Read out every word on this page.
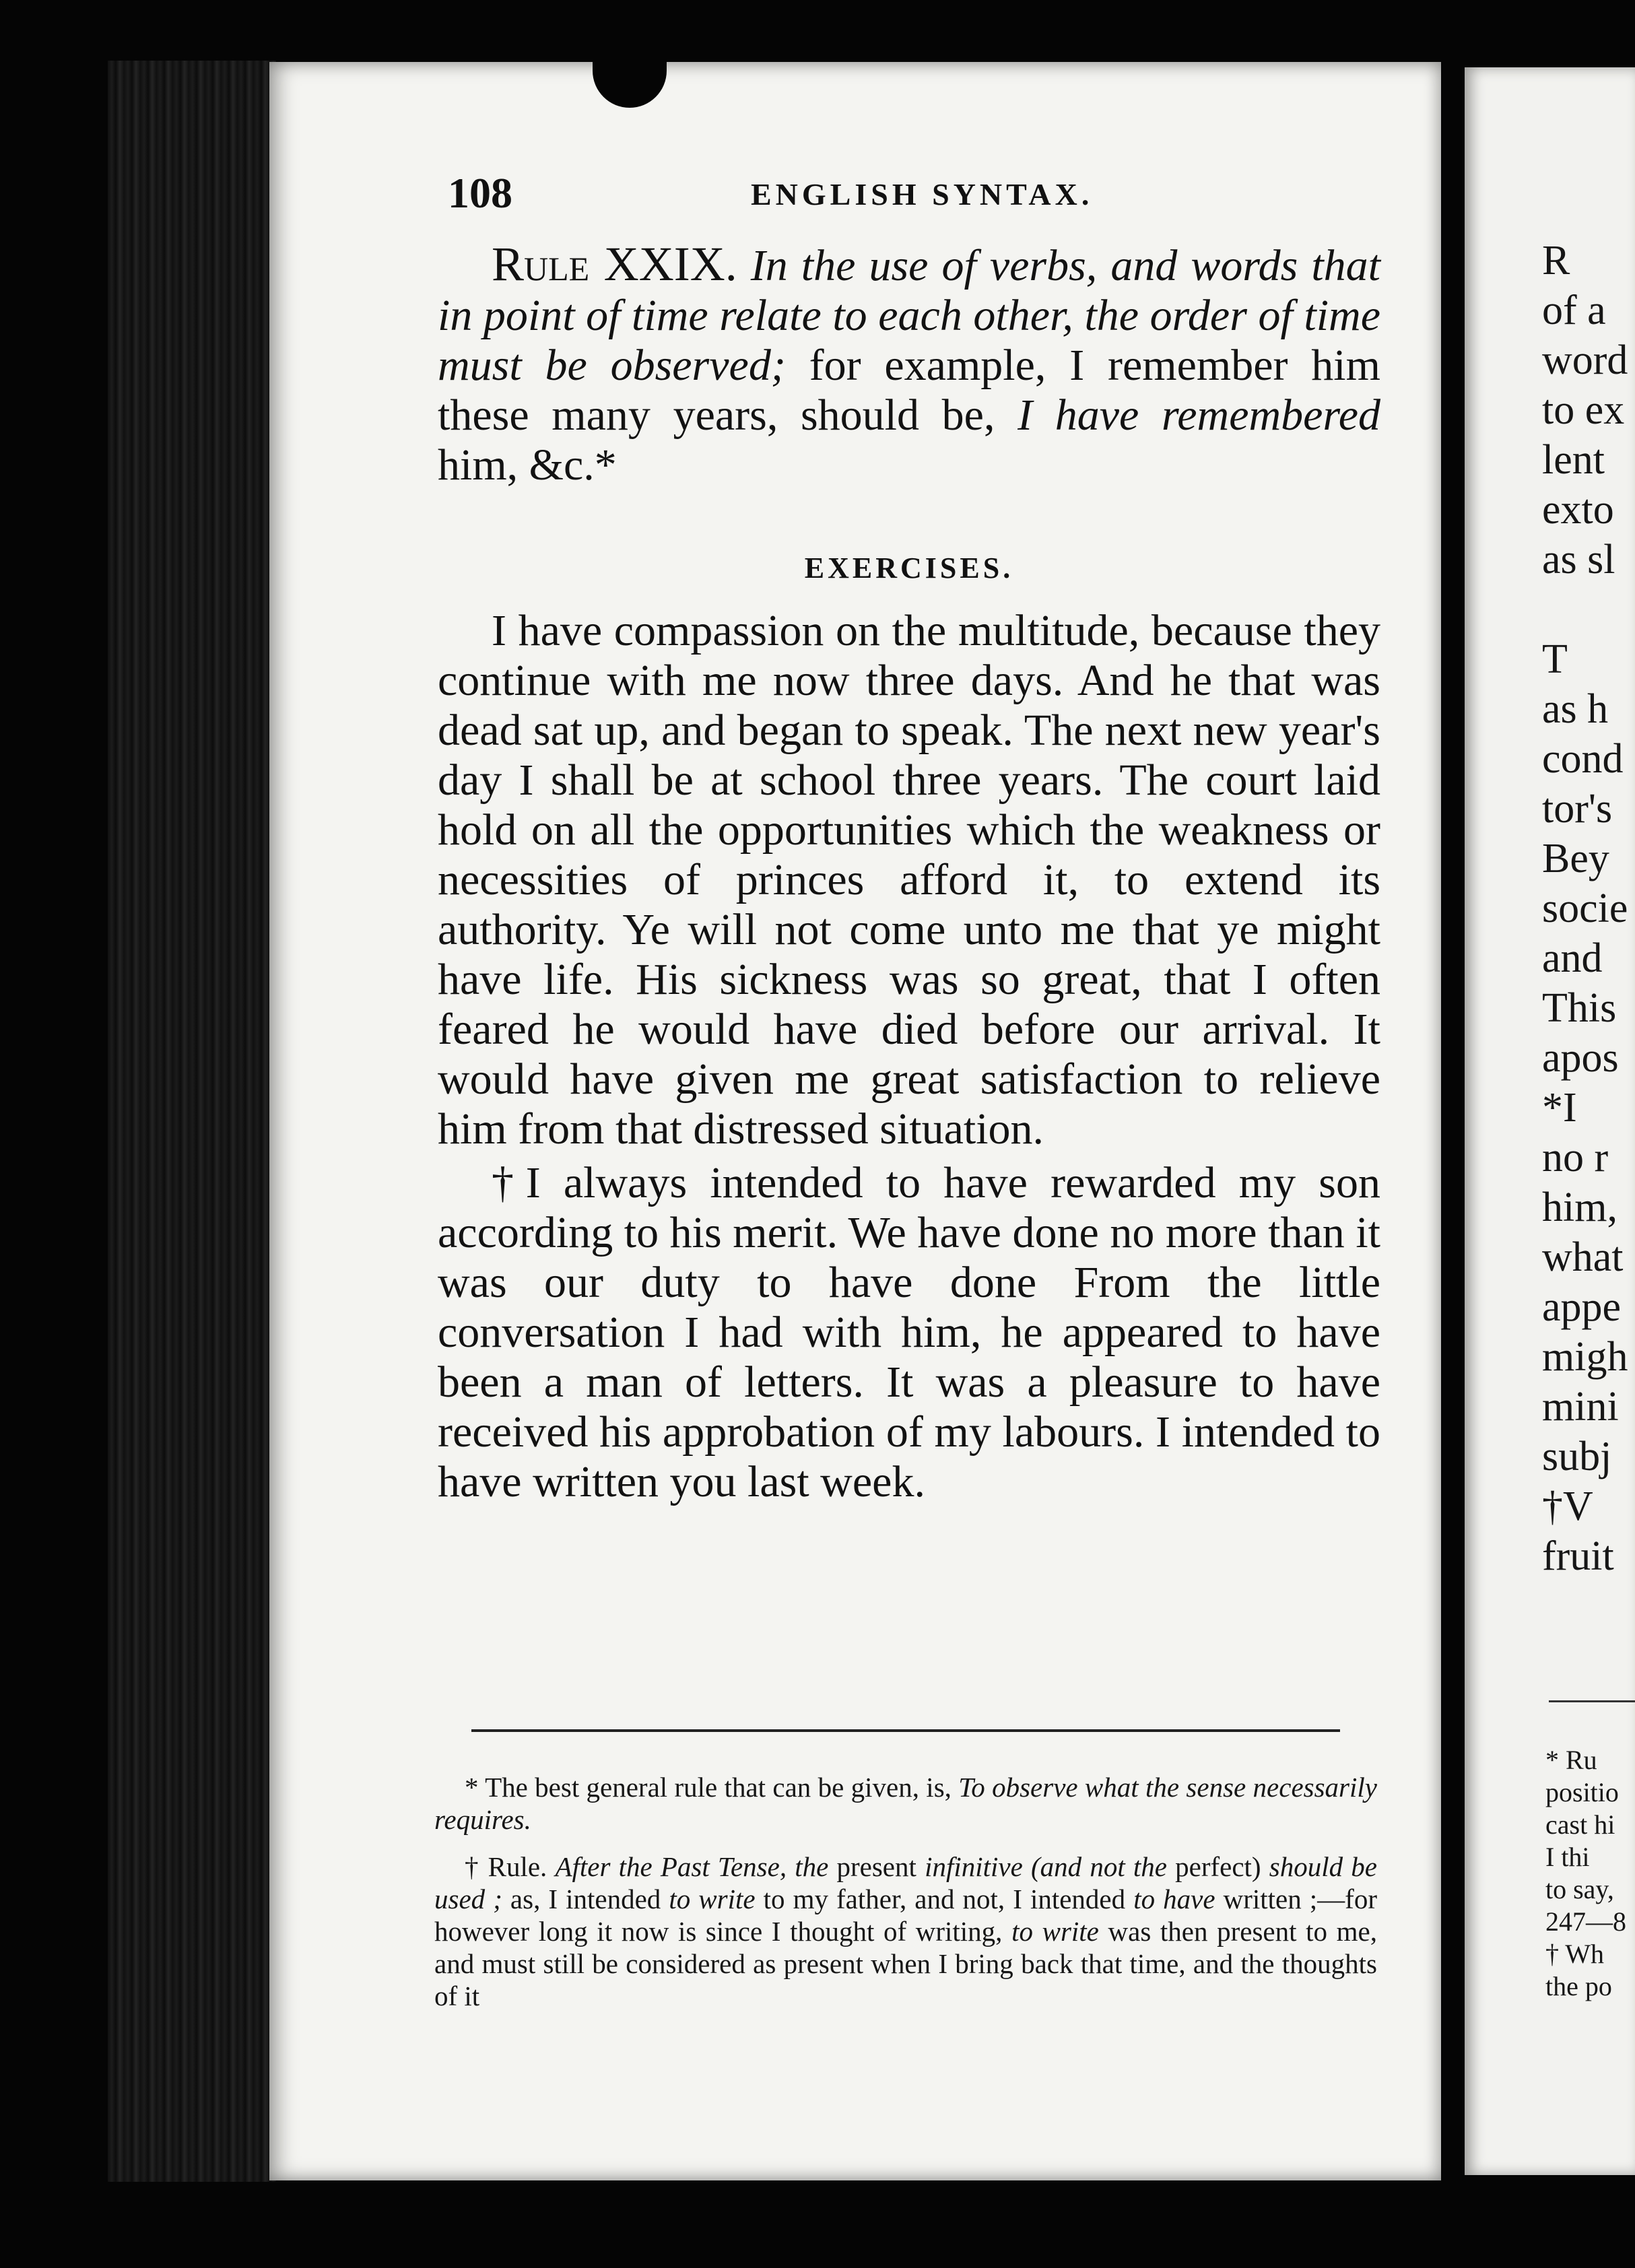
108	ENGLISH SYNTAX.

Rule XXIX. In the use of verbs, and words that in point of time relate to each other, the order of time must be observed; for example, I remember him these many years, should be, I have remembered him, &c.*

EXERCISES.

I have compassion on the multitude, because they continue with me now three days. And he that was dead sat up, and began to speak. The next new year's day I shall be at school three years. The court laid hold on all the opportunities which the weakness or necessities of princes afford it, to extend its authority. Ye will not come unto me that ye might have life. His sickness was so great, that I often feared he would have died before our arrival. It would have given me great satisfaction to relieve him from that distressed situation.

†I always intended to have rewarded my son according to his merit. We have done no more than it was our duty to have done From the little conversation I had with him, he appeared to have been a man of letters. It was a pleasure to have received his approbation of my labours. I intended to have written you last week.

* The best general rule that can be given, is, To observe what the sense necessarily requires.

† Rule. After the Past Tense, the present infinitive (and not the perfect) should be used ; as, I intended to write to my father, and not, I intended to have written ;—for however long it now is since I thought of writing, to write was then present to me, and must still be considered as present when I bring back that time, and the thoughts of it

R
of a
word
to ex
lent
exto
as sl
T
as h
cond
tor's
Bey
socie
and
This
apos
*I
no r
him,
what
appe
migh
mini
subj
†V
fruit
* Ru
positio
cast hi
I thi
to say,
247—8
† Wh
the po
